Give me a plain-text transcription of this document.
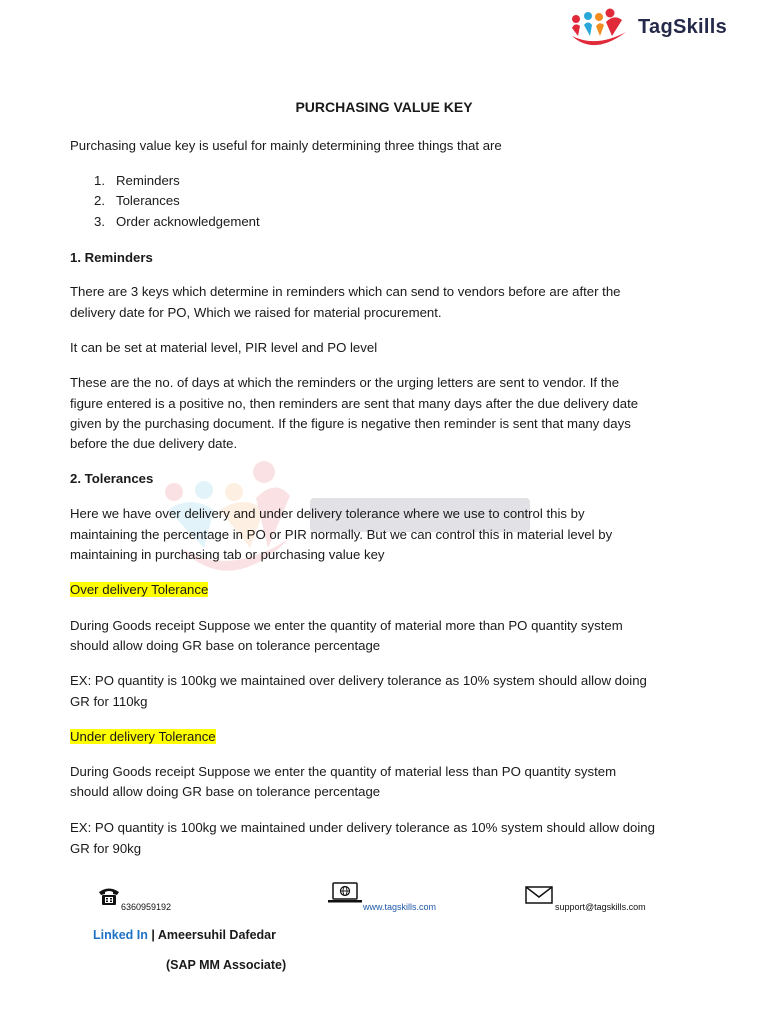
TagSkills
PURCHASING VALUE KEY
Purchasing value key is useful for mainly determining three things that are
1. Reminders
2. Tolerances
3. Order acknowledgement
1. Reminders
There are 3 keys which determine in reminders which can send to vendors before are after the
delivery date for PO, Which we raised for material procurement.
It can be set at material level, PIR level and PO level
These are the no. of days at which the reminders or the urging letters are sent to vendor. If the
figure entered is a positive no, then reminders are sent that many days after the due delivery date
given by the purchasing document. If the figure is negative then reminder is sent that many days
before the due delivery date.
2. Tolerances
Here we have over delivery and under delivery tolerance where we use to control this by
maintaining the percentage in PO or PIR normally. But we can control this in material level by
maintaining in purchasing tab or purchasing value key
Over delivery Tolerance
During Goods receipt Suppose we enter the quantity of material more than PO quantity system
should allow doing GR base on tolerance percentage
EX: PO quantity is 100kg we maintained over delivery tolerance as 10% system should allow doing
GR for 110kg
Under delivery Tolerance
During Goods receipt Suppose we enter the quantity of material less than PO quantity system
should allow doing GR base on tolerance percentage
EX: PO quantity is 100kg we maintained under delivery tolerance as 10% system should allow doing
GR for 90kg
6360959192	www.tagskills.com	support@tagskills.com
Linked In | Ameersuhil Dafedar
(SAP MM Associate)
